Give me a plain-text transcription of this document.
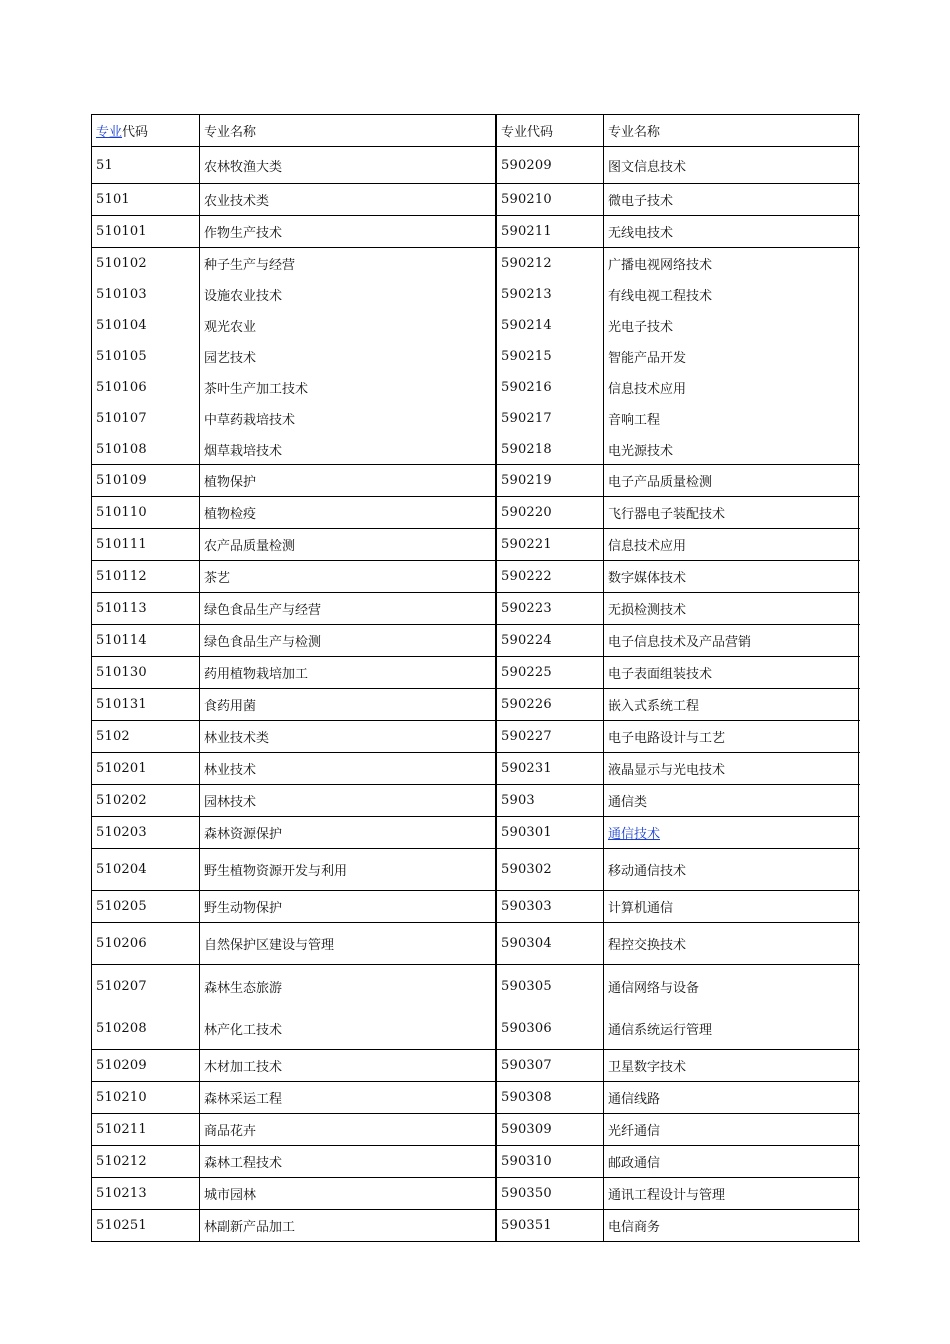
专业 代码	专业名称	专业代码	专业名称
51	农林牧渔大类	590209	图文信息技术
5101	农业技术类	590210	微电子技术
510101	作物生产技术	590211	无线电技术
510102	种子生产与经营	590212	广播电视网络技术
510103	设施农业技术	590213	有线电视工程技术
510104	观光农业	590214	光电子技术
510105	园艺技术	590215	智能产品开发
510106	茶叶生产加工技术	590216	信息技术应用
510107	中草药栽培技术	590217	音响工程
510108	烟草栽培技术	590218	电光源技术
510109	植物保护	590219	电子产品质量检测
510110	植物检疫	590220	飞行器电子装配技术
510111	农产品质量检测	590221	信息技术应用
510112	茶艺	590222	数字媒体技术
510113	绿色食品生产与经营	590223	无损检测技术
510114	绿色食品生产与检测	590224	电子信息技术及产品营销
510130	药用植物栽培加工	590225	电子表面组装技术
510131	食药用菌	590226	嵌入式系统工程
5102	林业技术类	590227	电子电路设计与工艺
510201	林业技术	590231	液晶显示与光电技术
510202	园林技术	5903	通信类
510203	森林资源保护	590301	通信技术
510204	野生植物资源开发与利用	590302	移动通信技术
510205	野生动物保护	590303	计算机通信
510206	自然保护区建设与管理	590304	程控交换技术
510207	森林生态旅游	590305	通信网络与设备
510208	林产化工技术	590306	通信系统运行管理
510209	木材加工技术	590307	卫星数字技术
510210	森林采运工程	590308	通信线路
510211	商品花卉	590309	光纤通信
510212	森林工程技术	590310	邮政通信
510213	城市园林	590350	通讯工程设计与管理
510251	林副新产品加工	590351	电信商务
